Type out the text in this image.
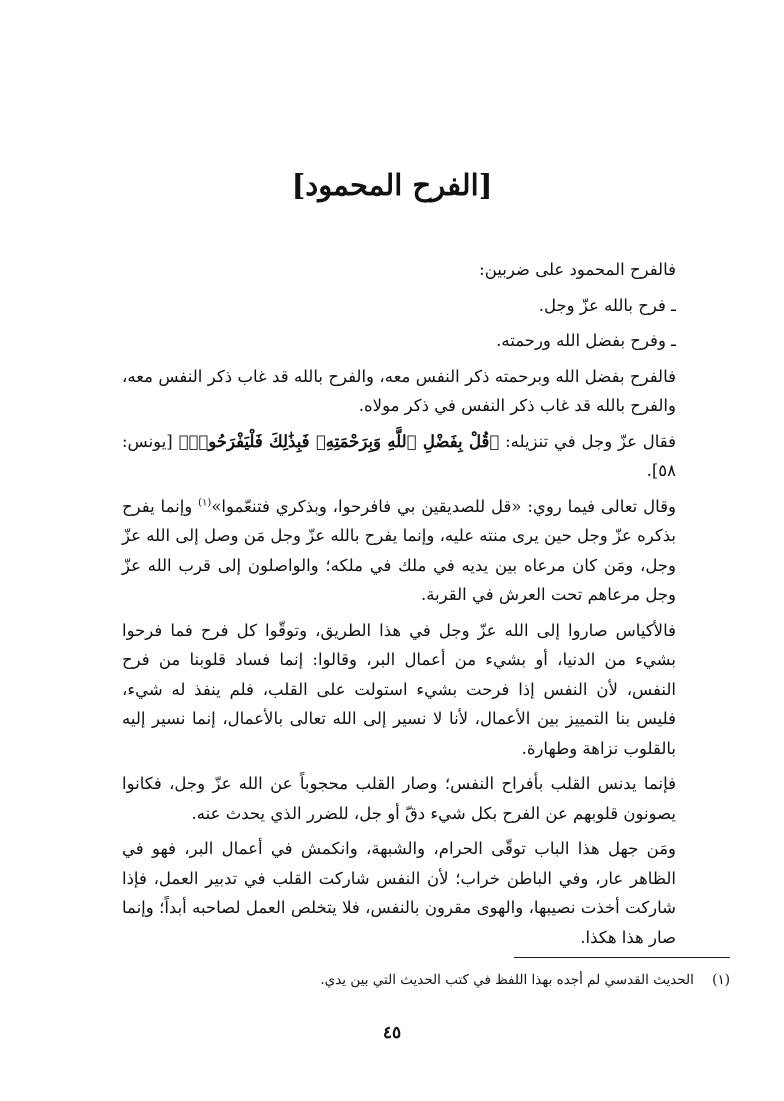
[الفرح المحمود]

فالفرح المحمود على ضربين:

ـ فرح بالله عزّ وجل.

ـ وفرح بفضل الله ورحمته.

فالفرح بفضل الله وبرحمته ذكر النفس معه، والفرح بالله قد غاب ذكر النفس معه، والفرح بالله قد غاب ذكر النفس في ذكر مولاه.

فقال عزّ وجل في تنزيله: ﴿قُلْ بِفَضْلِ ٱللَّهِ وَبِرَحْمَتِهِۦ فَبِذَٰلِكَ فَلْيَفْرَحُوا۟﴾ [يونس: ٥٨].

وقال تعالى فيما روي: «قل للصديقين بي فافرحوا، وبذكري فتنعّموا»$^{(١)}$ وإنما يفرح بذكره عزّ وجل حين يرى منته عليه، وإنما يفرح بالله عزّ وجل مَن وصل إلى الله عزّ وجل، ومَن كان مرعاه بين يديه في ملك في ملكه؛ والواصلون إلى قرب الله عزّ وجل مرعاهم تحت العرش في القربة.

فالأكياس صاروا إلى الله عزّ وجل في هذا الطريق، وتوقّوا كل فرح فما فرحوا بشيء من الدنيا، أو بشيء من أعمال البر، وقالوا: إنما فساد قلوبنا من فرح النفس، لأن النفس إذا فرحت بشيء استولت على القلب، فلم ينفذ له شيء، فليس بنا التمييز بين الأعمال، لأنا لا نسير إلى الله تعالى بالأعمال، إنما نسير إليه بالقلوب نزاهة وطهارة.

فإنما يدنس القلب بأفراح النفس؛ وصار القلب محجوباً عن الله عزّ وجل، فكانوا يصونون قلوبهم عن الفرح بكل شيء دقّ أو جل، للضرر الذي يحدث عنه.

ومَن جهل هذا الباب توقّى الحرام، والشبهة، وانكمش في أعمال البر، فهو في الظاهر عار، وفي الباطن خراب؛ لأن النفس شاركت القلب في تدبير العمل، فإذا شاركت أخذت نصيبها، والهوى مقرون بالنفس، فلا يتخلص العمل لصاحبه أبداً؛ وإنما صار هذا هكذا.

(١) الحديث القدسي لم أجده بهذا اللفظ في كتب الحديث التي بين يدي.
٤٥
